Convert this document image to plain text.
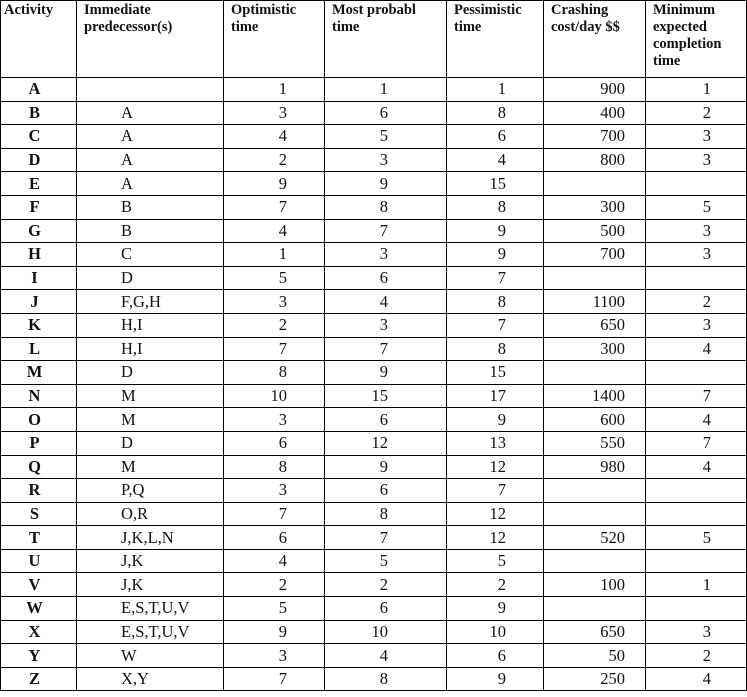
Activity	Immediate predecessor(s)	Optimistic time	Most probabl time	Pessimistic time	Crashing cost/day $$	Minimum expected completion time
A		1	1	1	900	1
B	A	3	6	8	400	2
C	A	4	5	6	700	3
D	A	2	3	4	800	3
E	A	9	9	15		
F	B	7	8	8	300	5
G	B	4	7	9	500	3
H	C	1	3	9	700	3
I	D	5	6	7		
J	F,G,H	3	4	8	1100	2
K	H,I	2	3	7	650	3
L	H,I	7	7	8	300	4
M	D	8	9	15		
N	M	10	15	17	1400	7
O	M	3	6	9	600	4
P	D	6	12	13	550	7
Q	M	8	9	12	980	4
R	P,Q	3	6	7		
S	O,R	7	8	12		
T	J,K,L,N	6	7	12	520	5
U	J,K	4	5	5		
V	J,K	2	2	2	100	1
W	E,S,T,U,V	5	6	9		
X	E,S,T,U,V	9	10	10	650	3
Y	W	3	4	6	50	2
Z	X,Y	7	8	9	250	4
